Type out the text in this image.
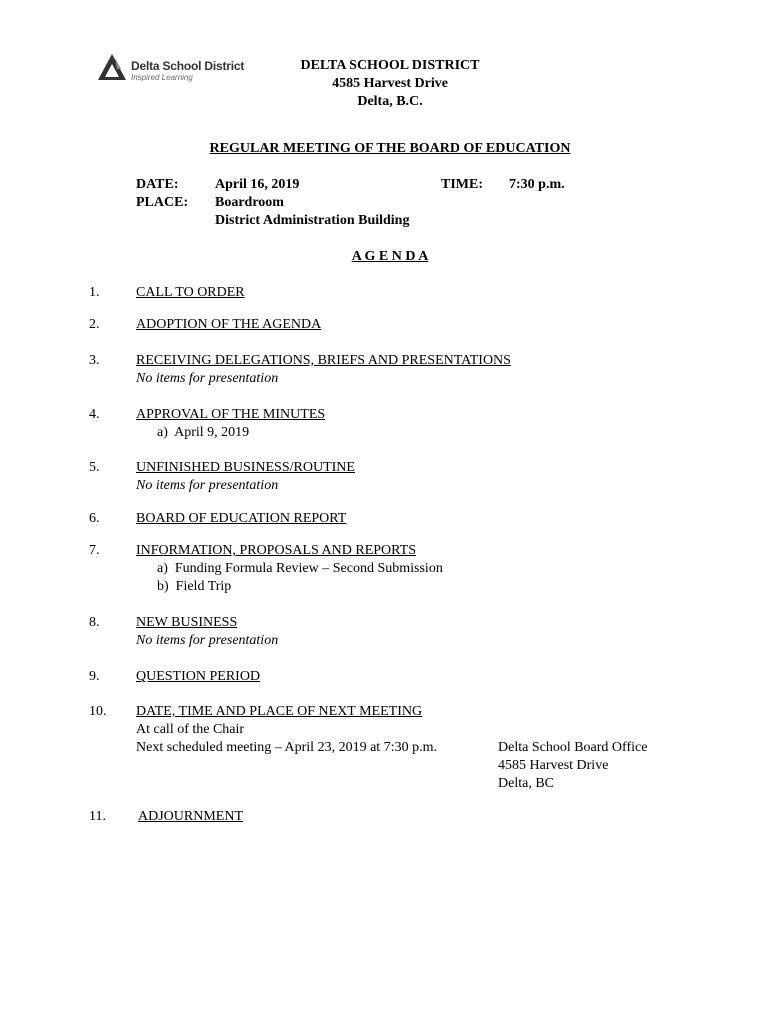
Delta School District
Inspired Learning
DELTA SCHOOL DISTRICT
4585 Harvest Drive
Delta, B.C.
REGULAR MEETING OF THE BOARD OF EDUCATION
DATE:	April 16, 2019	TIME: 7:30 p.m.
PLACE: Boardroom
District Administration Building
A G E N D A
1.	CALL TO ORDER
2.	ADOPTION OF THE AGENDA
3.	RECEIVING DELEGATIONS, BRIEFS AND PRESENTATIONS
No items for presentation
4.	APPROVAL OF THE MINUTES
a)  April 9, 2019
5.	UNFINISHED BUSINESS/ROUTINE
No items for presentation
6.	BOARD OF EDUCATION REPORT
7.	INFORMATION, PROPOSALS AND REPORTS
a)  Funding Formula Review – Second Submission
b)  Field Trip
8.	NEW BUSINESS
No items for presentation
9.	QUESTION PERIOD
10. DATE, TIME AND PLACE OF NEXT MEETING
At call of the Chair
Next scheduled meeting – April 23, 2019 at 7:30 p.m.	Delta School Board Office
4585 Harvest Drive
Delta, BC
11. ADJOURNMENT
